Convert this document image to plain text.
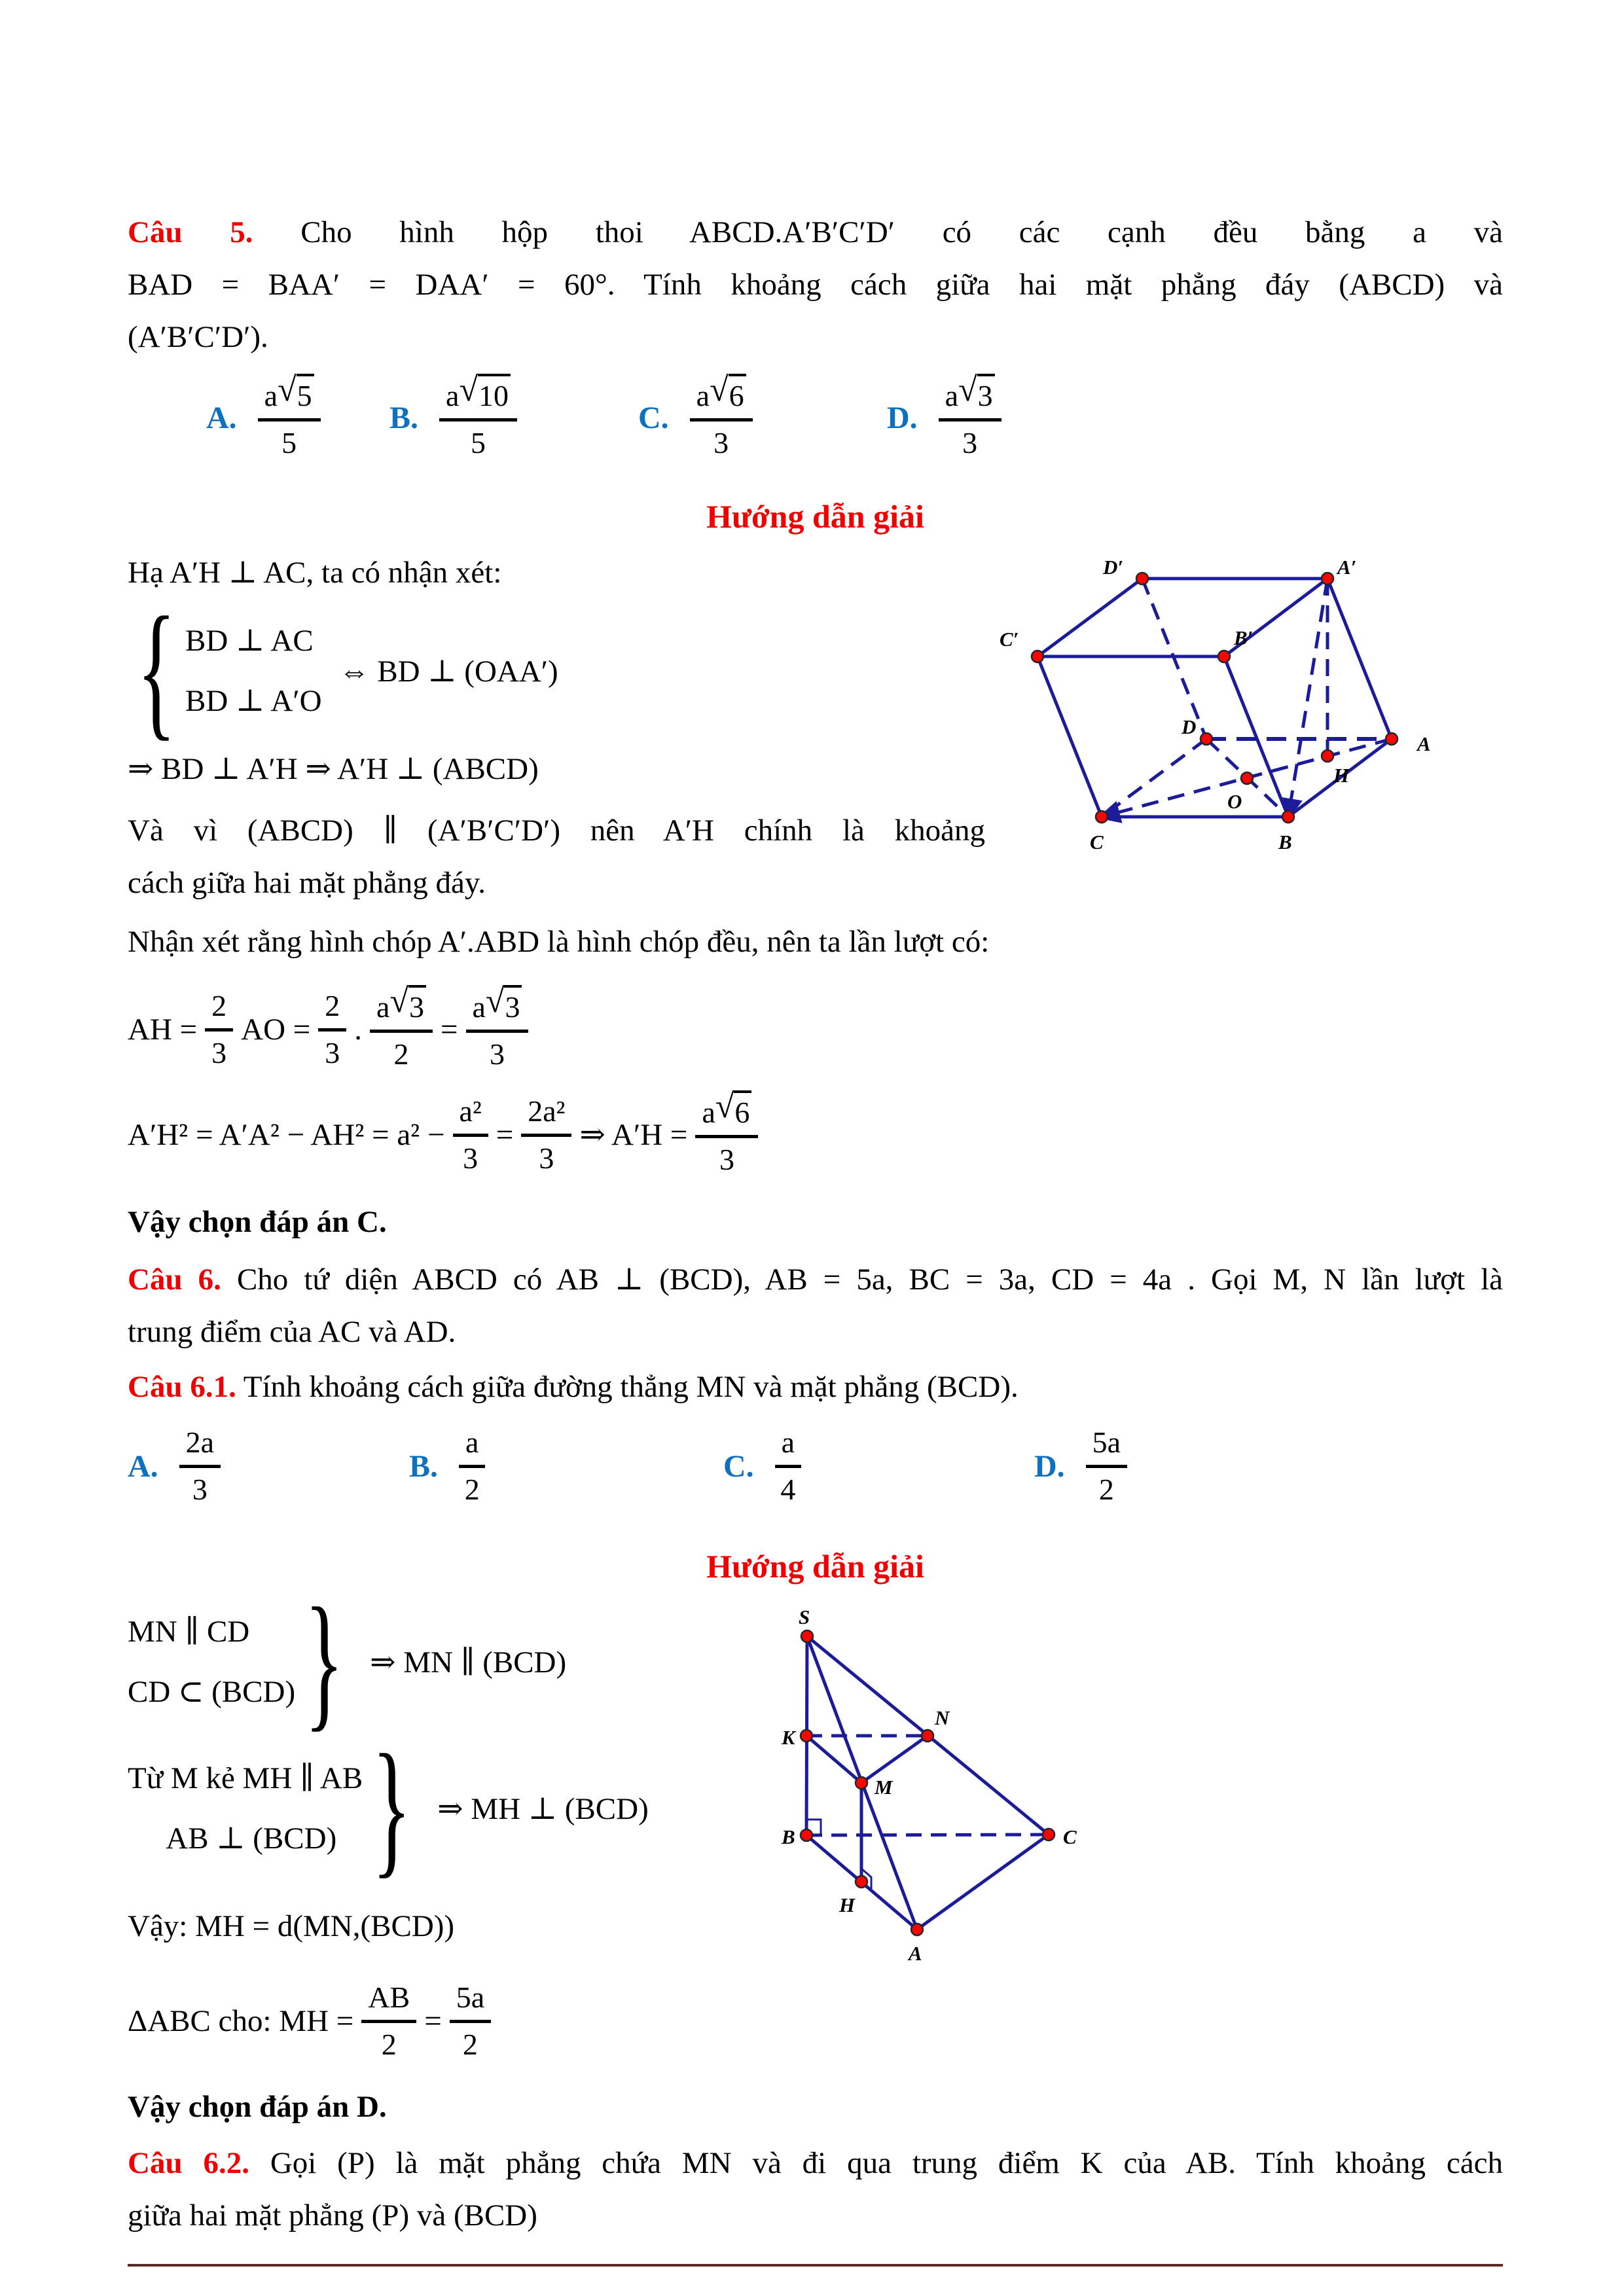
Câu 5. Cho hình hộp thoi ABCD.A′B′C′D′ có các cạnh đều bằng a và
BAD = BAA′ = DAA′ = 60°. Tính khoảng cách giữa hai mặt phẳng đáy (ABCD) và
(A′B′C′D′).
A. $\frac{a √ 5}{5} B$. $\frac{a √ 10}{5}$	C. $\frac{a √ 6}{3}$	D. $\frac{a √ 3}{3}$
Hướng dẫn giải
Hạ A′H ⊥ AC, ta có nhận xét:
{ BD ⊥ AC
BD ⊥ A′O
⇔ BD ⊥ (OAA′)
⇒ BD ⊥ A′H ⇒ A′H ⊥ (ABCD)
Và vì (ABCD) ∥ (A′B′C′D′) nên A′H chính là khoảng
cách giữa hai mặt phẳng đáy.
D′	A′
C′	B′
D
A
H
O
C	B
Nhận xét rằng hình chóp A′.ABD là hình chóp đều, nên ta lần lượt có:
AH = $\frac{2}{3}$ AO = $\frac{2}{3}$ . $\frac{a √ 3}{2} = \frac{a √ 3}{3}$
$A'H^2 = A'A^2 - AH^2 = a^2 - \frac{\text{a²}}{3} = \frac{\text{2a²}}{3}$ ⇒ $A'H = \frac{a √ 6}{3}$
Vậy chọn đáp án C.
Câu 6. Cho tứ diện ABCD có AB ⊥ (BCD), AB = 5a, BC = 3a, CD = 4a . Gọi M, N lần lượt là
trung điểm của AC và AD.
Câu 6.1. Tính khoảng cách giữa đường thẳng MN và mặt phẳng (BCD).
A. $\frac{2a}{3}$	B. $\frac{a}{2}$	C. $\frac{a}{4}$	D. $\frac{5a}{2}$
Hướng dẫn giải
MN ∥ CD
CD ⊂ (BCD) } ⇒ MN ∥ (BCD)
Từ M kẻ MH ∥ AB
AB ⊥ (BCD) } ⇒ MH ⊥ (BCD)
Vậy: MH = d(MN,(BCD))
ΔABC cho: MH = $\frac{AB}{2} = \frac{5a}{2}$
S
K
N
M
B	C
H
A
Vậy chọn đáp án D.
Câu 6.2. Gọi (P) là mặt phẳng chứa MN và đi qua trung điểm K của AB. Tính khoảng cách
giữa hai mặt phẳng (P) và (BCD)
